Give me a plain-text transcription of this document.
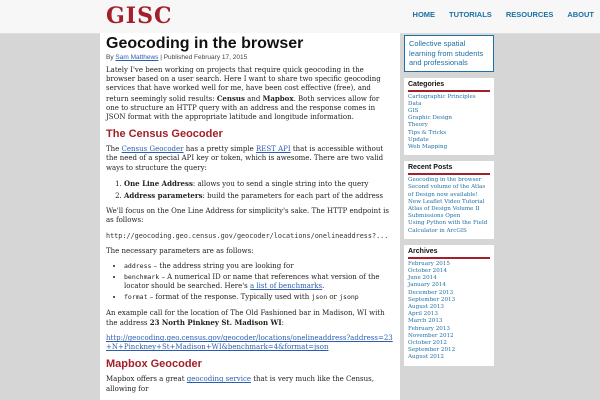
GISC	HOME TUTORIALS RESOURCES ABOUT
Geocoding in the browser
By Sam Matthews | Published February 17, 2015

Lately I've been working on projects that require quick geocoding in the browser based on a user search. Here I want to share two specific geocoding services that have worked well for me, have been cost effective (free), and return seemingly solid results: Census and Mapbox. Both services allow for one to structure an HTTP query with an address and the response comes in JSON format with the appropriate latitude and longitude information.

The Census Geocoder

The Census Geocoder has a pretty simple REST API that is accessible without the need of a special API key or token, which is awesome. There are two valid ways to structure the query:

1. One Line Address: allows you to send a single string into the query
2. Address parameters: build the parameters for each part of the address

We'll focus on the One Line Address for simplicity's sake. The HTTP endpoint is as follows:

http://geocoding.geo.census.gov/geocoder/locations/onelineaddress?...

The necessary parameters are as follows:

• address – the address string you are looking for
• benchmark – A numerical ID or name that references what version of the locator should be searched. Here's a list of benchmarks.
• format – format of the response. Typically used with json or jsonp

An example call for the location of The Old Fashioned bar in Madison, WI with the address 23 North Pinkney St. Madison WI:

http://geocoding.geo.census.gov/geocoder/locations/onelineaddress?address=23+N+Pinckney+St+Madison+WI&benchmark=4&format=json

Mapbox Geocoder

Mapbox offers a great geocoding service that is very much like the Census, allowing for

Collective spatial learning from students and professionals
Categories
Cartographic Principles
Data
GIS
Graphic Design
Theory
Tips & Tricks
Update
Web Mapping
Recent Posts
Geocoding in the browser
Second volume of the Atlas of Design now available!
New Leaflet Video Tutorial
Atlas of Design Volume II Submissions Open
Using Python with the Field Calculator in ArcGIS
Archives
February 2015
October 2014
June 2014
January 2014
December 2013
September 2013
August 2013
April 2013
March 2013
February 2013
November 2012
October 2012
September 2012
August 2012
